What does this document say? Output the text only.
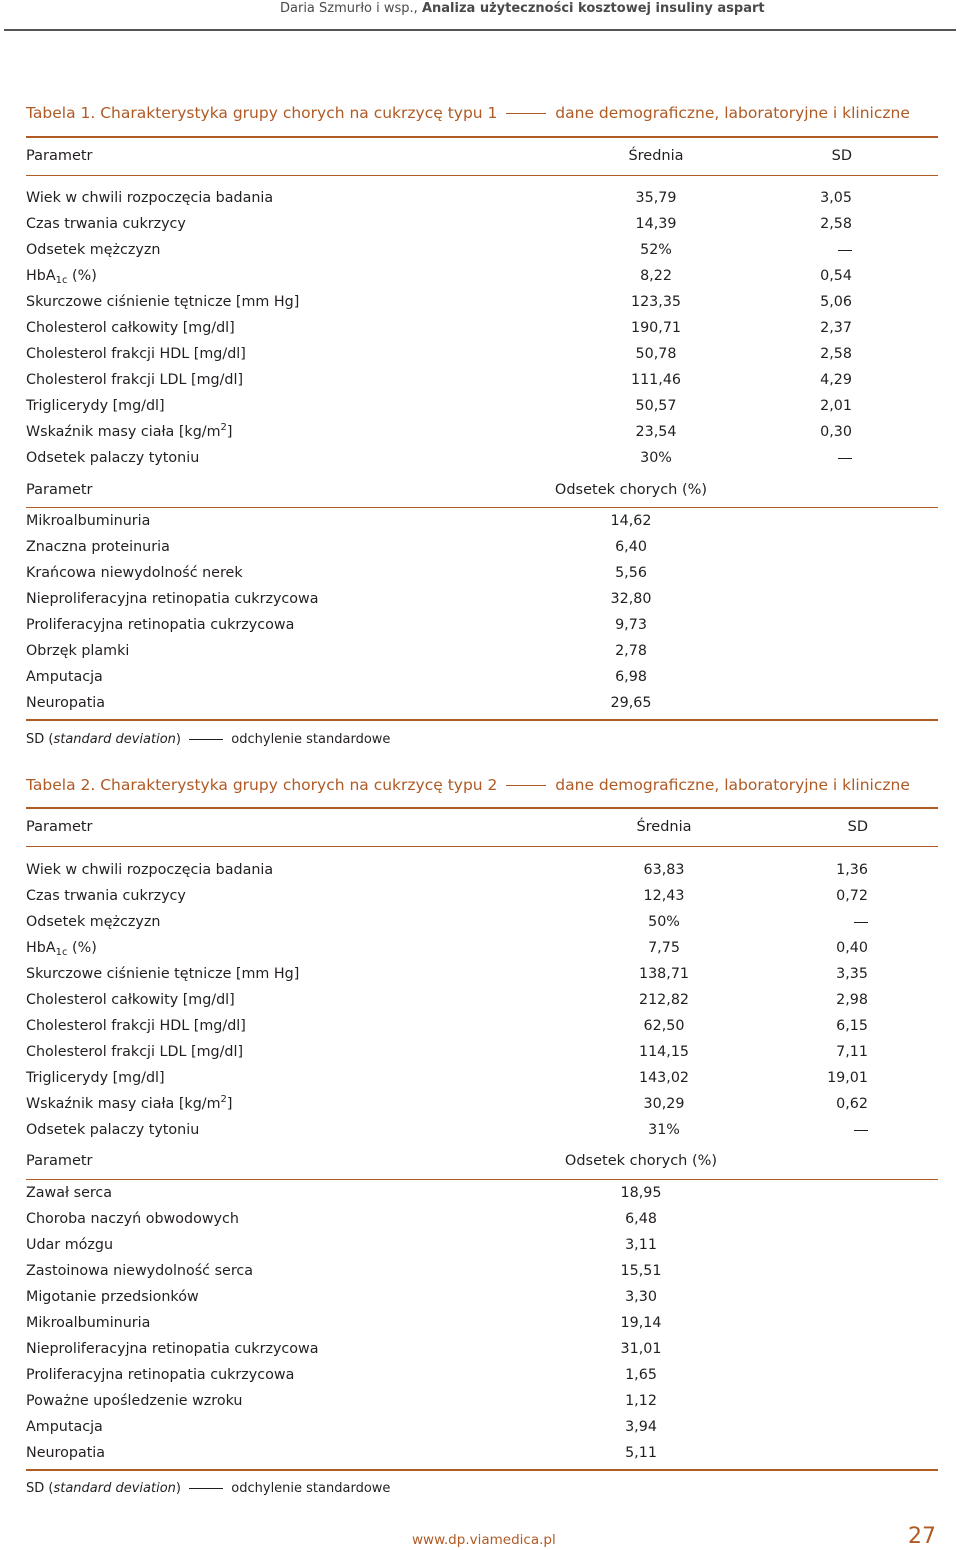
Daria Szmurło i wsp., Analiza użyteczności kosztowej insuliny aspart
Tabela 1. Charakterystyka grupy chorych na cukrzycę typu 1	dane demograficzne, laboratoryjne i kliniczne
Parametr	Średnia	SD
Wiek w chwili rozpoczęcia badania	35,79	3,05
Czas trwania cukrzycy	14,39	2,58
Odsetek mężczyzn	52%
HbA$_{1c}$ (%)	8,22	0,54
Skurczowe ciśnienie tętnicze [mm Hg]	123,35	5,06
Cholesterol całkowity [mg/dl]	190,71	2,37
Cholesterol frakcji HDL [mg/dl]	50,78	2,58
Cholesterol frakcji LDL [mg/dl]	111,46	4,29
Triglicerydy [mg/dl]	50,57	2,01
Wskaźnik masy ciała $[kg/m^2]$	23,54	0,30
Odsetek palaczy tytoniu	30%
Parametr	Odsetek chorych (%)
Mikroalbuminuria	14,62
Znaczna proteinuria	6,40
Krańcowa niewydolność nerek	5,56
Nieproliferacyjna retinopatia cukrzycowa	32,80
Proliferacyjna retinopatia cukrzycowa	9,73
Obrzęk plamki	2,78
Amputacja	6,98
Neuropatia	29,65
SD (standard deviation)	odchylenie standardowe
Tabela 2. Charakterystyka grupy chorych na cukrzycę typu 2	dane demograficzne, laboratoryjne i kliniczne
Parametr	Średnia	SD
Wiek w chwili rozpoczęcia badania	63,83	1,36
Czas trwania cukrzycy	12,43	0,72
Odsetek mężczyzn	50%
HbA$_{1c}$ (%)	7,75	0,40
Skurczowe ciśnienie tętnicze [mm Hg]	138,71	3,35
Cholesterol całkowity [mg/dl]	212,82	2,98
Cholesterol frakcji HDL [mg/dl]	62,50	6,15
Cholesterol frakcji LDL [mg/dl]	114,15	7,11
Triglicerydy [mg/dl]	143,02	19,01
Wskaźnik masy ciała $[kg/m^2]$	30,29	0,62
Odsetek palaczy tytoniu	31%
Parametr	Odsetek chorych (%)
Zawał serca	18,95
Choroba naczyń obwodowych	6,48
Udar mózgu	3,11
Zastoinowa niewydolność serca	15,51
Migotanie przedsionków	3,30
Mikroalbuminuria	19,14
Nieproliferacyjna retinopatia cukrzycowa	31,01
Proliferacyjna retinopatia cukrzycowa	1,65
Poważne upośledzenie wzroku	1,12
Amputacja	3,94
Neuropatia	5,11
SD (standard deviation)	odchylenie standardowe
www.dp.viamedica.pl	27
